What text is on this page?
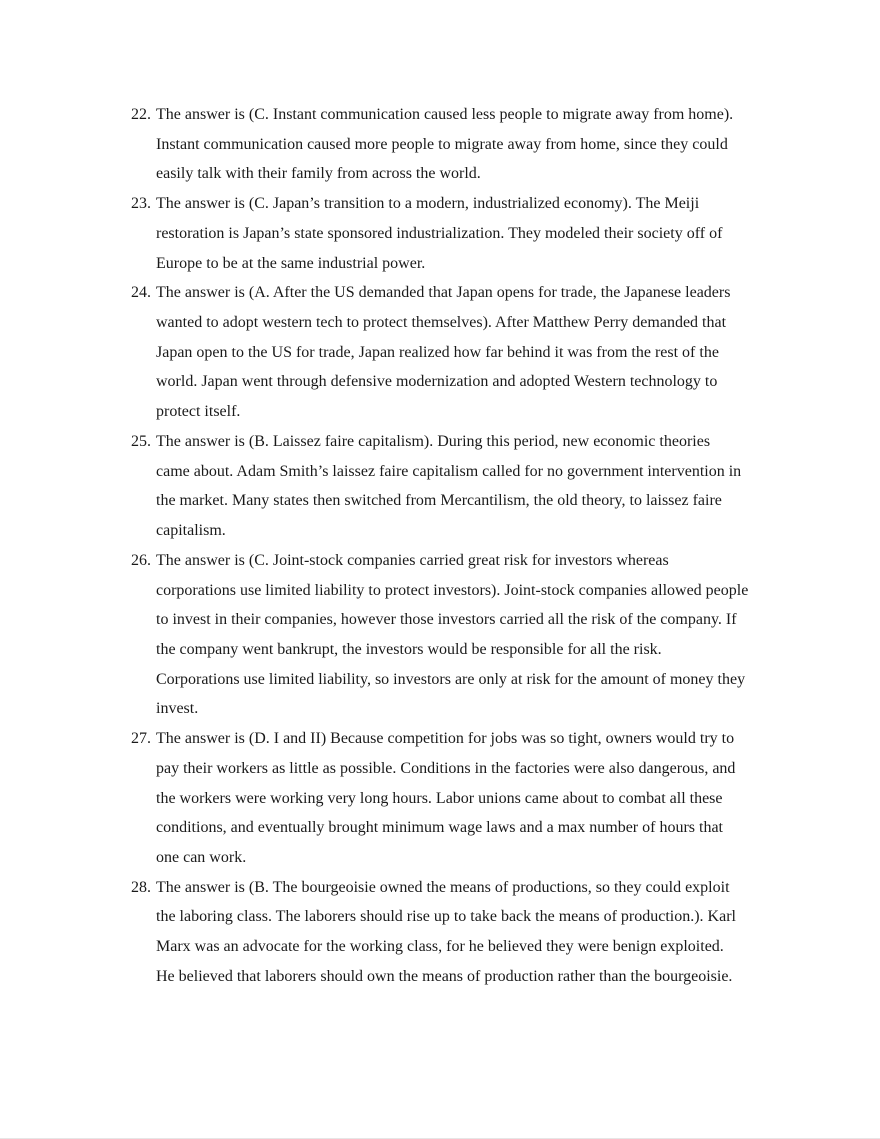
22. The answer is (C. Instant communication caused less people to migrate away from home).
Instant communication caused more people to migrate away from home, since they could
easily talk with their family from across the world.
23. The answer is (C. Japan’s transition to a modern, industrialized economy). The Meiji
restoration is Japan’s state sponsored industrialization. They modeled their society off of
Europe to be at the same industrial power.
24. The answer is (A. After the US demanded that Japan opens for trade, the Japanese leaders
wanted to adopt western tech to protect themselves). After Matthew Perry demanded that
Japan open to the US for trade, Japan realized how far behind it was from the rest of the
world. Japan went through defensive modernization and adopted Western technology to
protect itself.
25. The answer is (B. Laissez faire capitalism). During this period, new economic theories
came about. Adam Smith’s laissez faire capitalism called for no government intervention in
the market. Many states then switched from Mercantilism, the old theory, to laissez faire
capitalism.
26. The answer is (C. Joint-stock companies carried great risk for investors whereas
corporations use limited liability to protect investors). Joint-stock companies allowed people
to invest in their companies, however those investors carried all the risk of the company. If
the company went bankrupt, the investors would be responsible for all the risk.
Corporations use limited liability, so investors are only at risk for the amount of money they
invest.
27. The answer is (D. I and II) Because competition for jobs was so tight, owners would try to
pay their workers as little as possible. Conditions in the factories were also dangerous, and
the workers were working very long hours. Labor unions came about to combat all these
conditions, and eventually brought minimum wage laws and a max number of hours that
one can work.
28. The answer is (B. The bourgeoisie owned the means of productions, so they could exploit
the laboring class. The laborers should rise up to take back the means of production.). Karl
Marx was an advocate for the working class, for he believed they were benign exploited.
He believed that laborers should own the means of production rather than the bourgeoisie.
